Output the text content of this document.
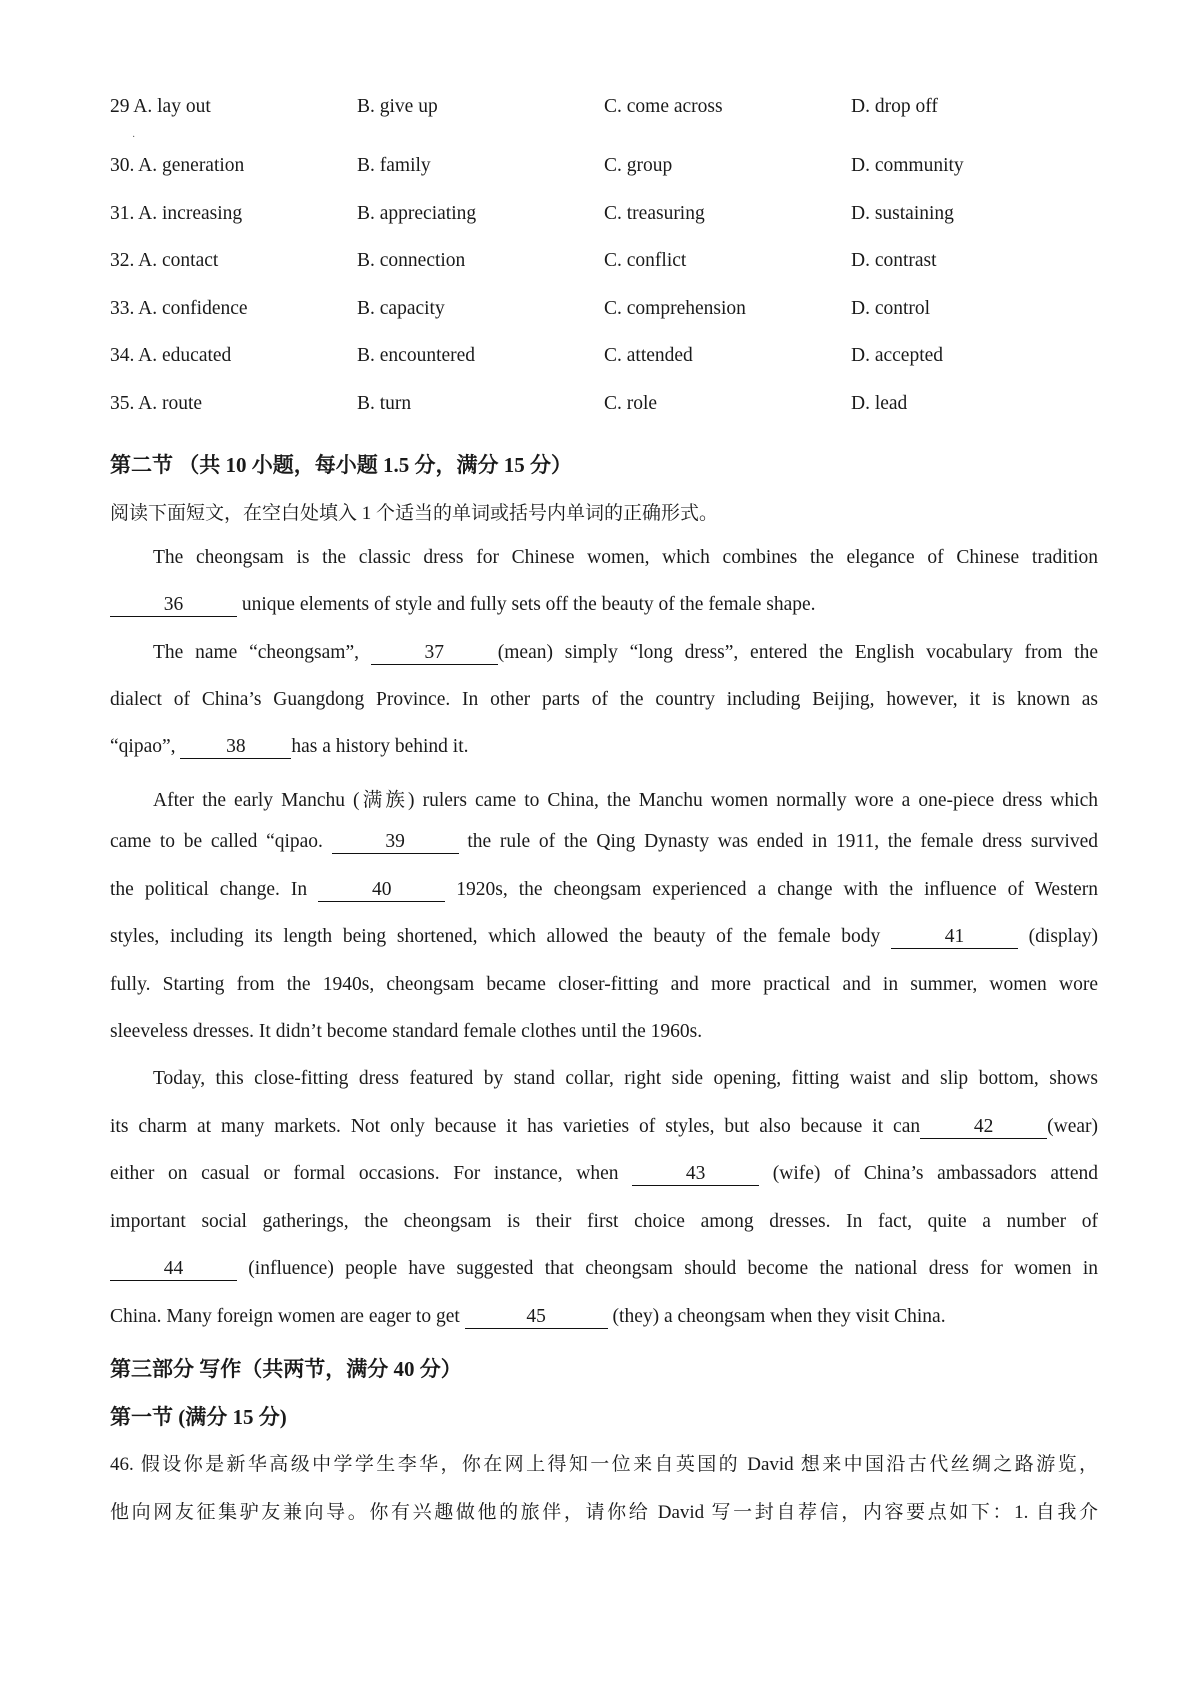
29 A. lay out	B. give up	C. come across	D. drop off
·
30. A. generation	B. family	C. group	D. community
31. A. increasing	B. appreciating	C. treasuring	D. sustaining
32. A. contact	B. connection	C. conflict	D. contrast
33. A. confidence	B. capacity	C. comprehension	D. control
34. A. educated	B. encountered	C. attended	D. accepted
35. A. route	B. turn	C. role	D. lead
第二节 （共 10 小题，每小题 1.5 分，满分 15 分）
阅读下面短文，在空白处填入 1 个适当的单词或括号内单词的正确形式。
The cheongsam is the classic dress for Chinese women, which combines the elegance of Chinese tradition
36	unique elements of style and fully sets off the beauty of the female shape.
The name “cheongsam”,	37	(mean) simply “long dress”, entered the English vocabulary from the
dialect of China’s Guangdong Province. In other parts of the country including Beijing, however, it is known as
“qipao”, 38 has a history behind it.
After the early Manchu (满族) rulers came to China, the Manchu women normally wore a one-piece dress which
came to be called “qipao.	39	the rule of the Qing Dynasty was ended in 1911, the female dress survived
the political change. In	40	1920s, the cheongsam experienced a change with the influence of Western
styles, including its length being shortened, which allowed the beauty of the female body	41	(display)
fully. Starting from the 1940s, cheongsam became closer-fitting and more practical and in summer, women wore
sleeveless dresses. It didn’t become standard female clothes until the 1960s.
Today, this close-fitting dress featured by stand collar, right side opening, fitting waist and slip bottom, shows
its charm at many markets. Not only because it has varieties of styles, but also because it can	42	(wear)
either on casual or formal occasions. For instance, when	43	(wife) of China’s ambassadors attend
important social gatherings, the cheongsam is their first choice among dresses. In fact, quite a number of
44	(influence) people have suggested that cheongsam should become the national dress for women in
China. Many foreign women are eager to get	45	(they) a cheongsam when they visit China.
第三部分 写作（共两节，满分 40 分）
第一节 (满分 15 分)
46. 假设你是新华高级中学学生李华，你在网上得知一位来自英国的 David 想来中国沿古代丝绸之路游览，
他向网友征集驴友兼向导。你有兴趣做他的旅伴，请你给 David 写一封自荐信，内容要点如下：1. 自我介
